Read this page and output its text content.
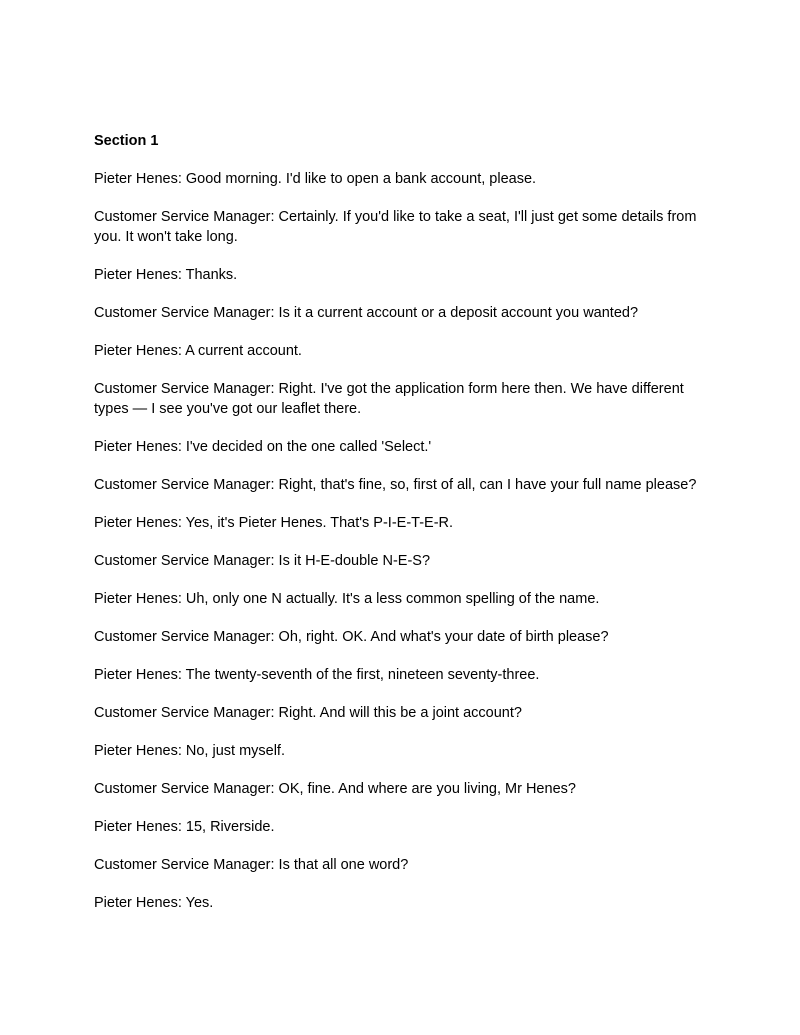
Section 1

Pieter Henes: Good morning. I'd like to open a bank account, please.

Customer Service Manager: Certainly. If you'd like to take a seat, I'll just get some details from you. It won't take long.

Pieter Henes: Thanks.

Customer Service Manager: Is it a current account or a deposit account you wanted?

Pieter Henes: A current account.

Customer Service Manager: Right. I've got the application form here then. We have different types — I see you've got our leaflet there.

Pieter Henes: I've decided on the one called 'Select.'

Customer Service Manager: Right, that's fine, so, first of all, can I have your full name please?

Pieter Henes: Yes, it's Pieter Henes. That's P-I-E-T-E-R.

Customer Service Manager: Is it H-E-double N-E-S?

Pieter Henes: Uh, only one N actually. It's a less common spelling of the name.

Customer Service Manager: Oh, right. OK. And what's your date of birth please?

Pieter Henes: The twenty-seventh of the first, nineteen seventy-three.

Customer Service Manager: Right. And will this be a joint account?

Pieter Henes: No, just myself.

Customer Service Manager: OK, fine. And where are you living, Mr Henes?

Pieter Henes: 15, Riverside.

Customer Service Manager: Is that all one word?

Pieter Henes: Yes.
